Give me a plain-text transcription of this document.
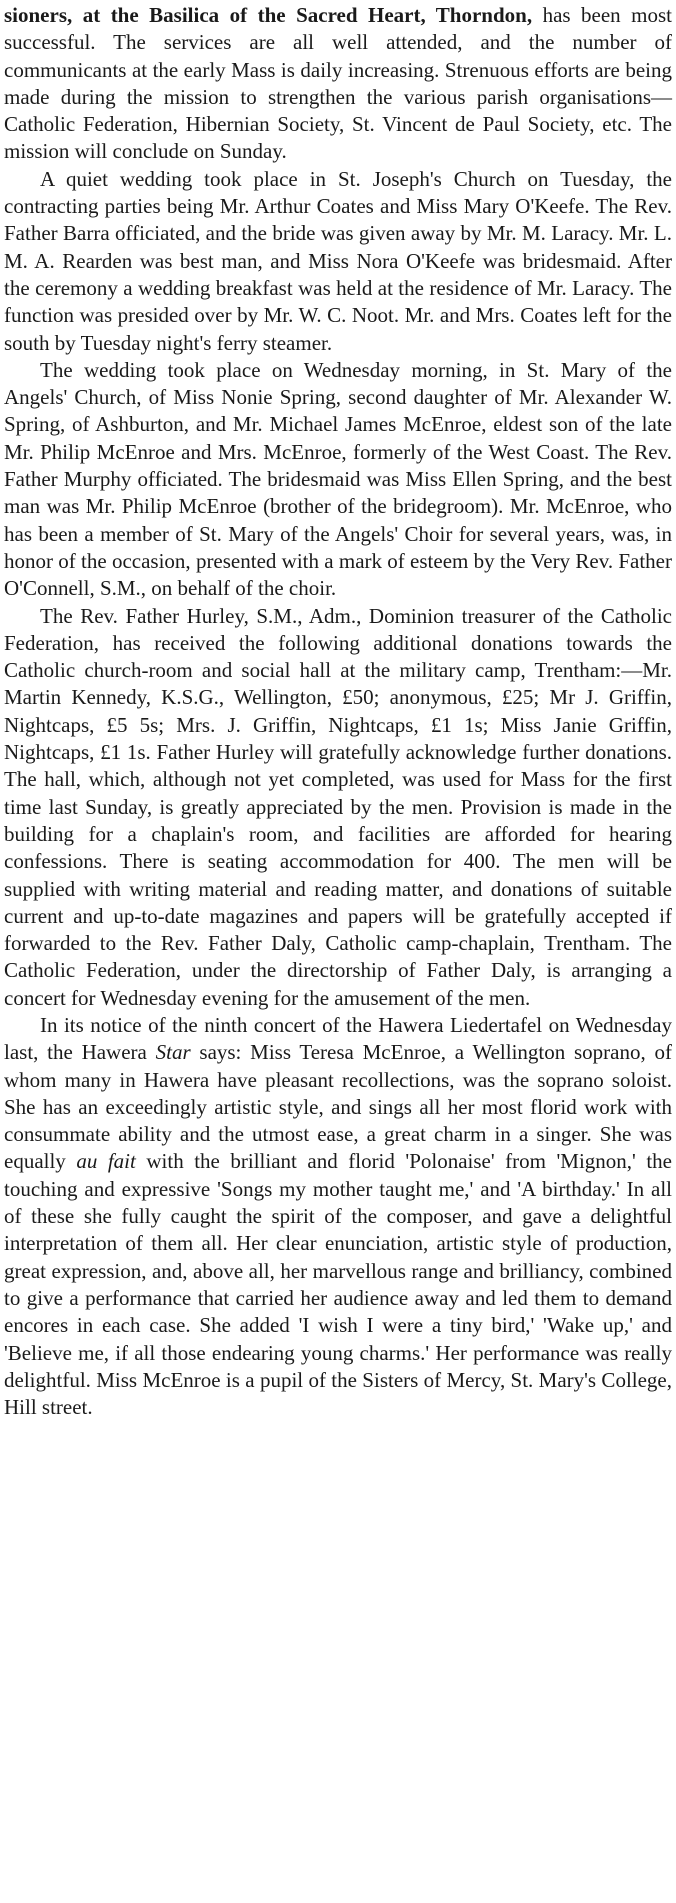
sioners, at the Basilica of the Sacred Heart, Thorndon, has been most successful. The services are all well attended, and the number of communicants at the early Mass is daily increasing. Strenuous efforts are being made during the mission to strengthen the various parish organisations—Catholic Federation, Hibernian Society, St. Vincent de Paul Society, etc. The mission will conclude on Sunday.

A quiet wedding took place in St. Joseph's Church on Tuesday, the contracting parties being Mr. Arthur Coates and Miss Mary O'Keefe. The Rev. Father Barra officiated, and the bride was given away by Mr. M. Laracy. Mr. L. M. A. Rearden was best man, and Miss Nora O'Keefe was bridesmaid. After the ceremony a wedding breakfast was held at the residence of Mr. Laracy. The function was presided over by Mr. W. C. Noot. Mr. and Mrs. Coates left for the south by Tuesday night's ferry steamer.

The wedding took place on Wednesday morning, in St. Mary of the Angels' Church, of Miss Nonie Spring, second daughter of Mr. Alexander W. Spring, of Ashburton, and Mr. Michael James McEnroe, eldest son of the late Mr. Philip McEnroe and Mrs. McEnroe, formerly of the West Coast. The Rev. Father Murphy officiated. The bridesmaid was Miss Ellen Spring, and the best man was Mr. Philip McEnroe (brother of the bridegroom). Mr. McEnroe, who has been a member of St. Mary of the Angels' Choir for several years, was, in honor of the occasion, presented with a mark of esteem by the Very Rev. Father O'Connell, S.M., on behalf of the choir.

The Rev. Father Hurley, S.M., Adm., Dominion treasurer of the Catholic Federation, has received the following additional donations towards the Catholic church-room and social hall at the military camp, Trentham:—Mr. Martin Kennedy, K.S.G., Wellington, £50; anonymous, £25; Mr J. Griffin, Nightcaps, £5 5s; Mrs. J. Griffin, Nightcaps, £1 1s; Miss Janie Griffin, Nightcaps, £1 1s. Father Hurley will gratefully acknowledge further donations. The hall, which, although not yet completed, was used for Mass for the first time last Sunday, is greatly appreciated by the men. Provision is made in the building for a chaplain's room, and facilities are afforded for hearing confessions. There is seating accommodation for 400. The men will be supplied with writing material and reading matter, and donations of suitable current and up-to-date magazines and papers will be gratefully accepted if forwarded to the Rev. Father Daly, Catholic camp-chaplain, Trentham. The Catholic Federation, under the directorship of Father Daly, is arranging a concert for Wednesday evening for the amusement of the men.

In its notice of the ninth concert of the Hawera Liedertafel on Wednesday last, the Hawera Star says: Miss Teresa McEnroe, a Wellington soprano, of whom many in Hawera have pleasant recollections, was the soprano soloist. She has an exceedingly artistic style, and sings all her most florid work with consummate ability and the utmost ease, a great charm in a singer. She was equally au fait with the brilliant and florid 'Polonaise' from 'Mignon,' the touching and expressive 'Songs my mother taught me,' and 'A birthday.' In all of these she fully caught the spirit of the composer, and gave a delightful interpretation of them all. Her clear enunciation, artistic style of production, great expression, and, above all, her marvellous range and brilliancy, combined to give a performance that carried her audience away and led them to demand encores in each case. She added 'I wish I were a tiny bird,' 'Wake up,' and 'Believe me, if all those endearing young charms.' Her performance was really delightful. Miss McEnroe is a pupil of the Sisters of Mercy, St. Mary's College, Hill street.
